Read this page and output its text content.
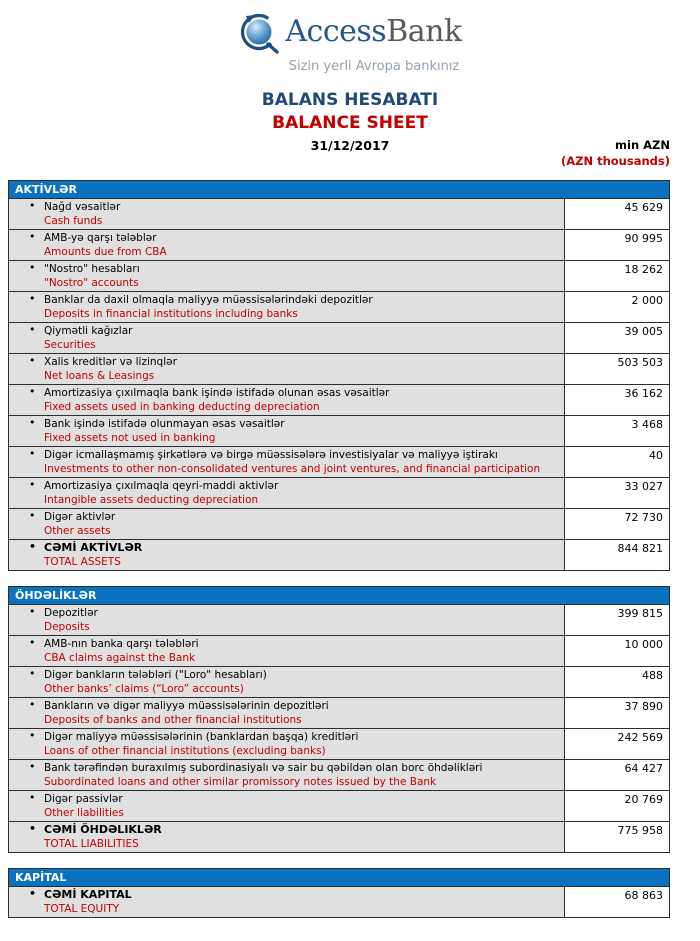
AccessBank
Sizin yerli Avropa bankınız
BALANS HESABATI
BALANCE SHEET
31/12/2017	min AZN
(AZN thousands)
AKTİVLƏR
• Nağd vəsaitlər
Cash funds
45 629
• AMB-yə qarşı tələblər
Amounts due from CBA
90 995
• "Nostro" hesabları
"Nostro" accounts
18 262
• Banklar da daxil olmaqla maliyyə müəssisələrindəki depozitlər
Deposits in financial institutions including banks
2 000
• Qiymətli kağızlar
Securities
39 005
• Xalis kreditlər və lizinqlər
Net loans & Leasings
503 503
• Amortizasiya çıxılmaqla bank işində istifadə olunan əsas vəsaitlər
Fixed assets used in banking deducting depreciation
36 162
• Bank işində istifadə olunmayan əsas vəsaitlər
Fixed assets not used in banking
3 468
• Digər icmallaşmamış şirkətlərə və birgə müəssisələrə investisiyalar və maliyyə iştirakı
Investments to other non-consolidated ventures and joint ventures, and financial participation
40
• Amortizasiya çıxılmaqla qeyri-maddi aktivlər
Intangible assets deducting depreciation
33 027
• Digər aktivlər
Other assets
72 730
• CƏMİ AKTİVLƏR
TOTAL ASSETS
844 821
ÖHDƏLİKLƏR
• Depozitlər
Deposits
399 815
• AMB-nın banka qarşı tələbləri
CBA claims against the Bank
10 000
• Digər bankların tələbləri ("Loro" hesabları)
Other banks’ claims (“Loro” accounts)
488
• Bankların və digər maliyyə müəssisələrinin depozitləri
Deposits of banks and other financial institutions
37 890
• Digər maliyyə müəssisələrinin (banklardan başqa) kreditləri
Loans of other financial institutions (excluding banks)
242 569
• Bank tərəfindən buraxılmış subordinasiyalı və sair bu qəbildən olan borc öhdəlikləri
Subordinated loans and other similar promissory notes issued by the Bank
64 427
• Digər passivlər
Other liabilities
20 769
• CƏMİ ÖHDƏLIKLƏR
TOTAL LIABILITIES
775 958
KAPİTAL
• CƏMİ KAPITAL
TOTAL EQUITY
68 863
